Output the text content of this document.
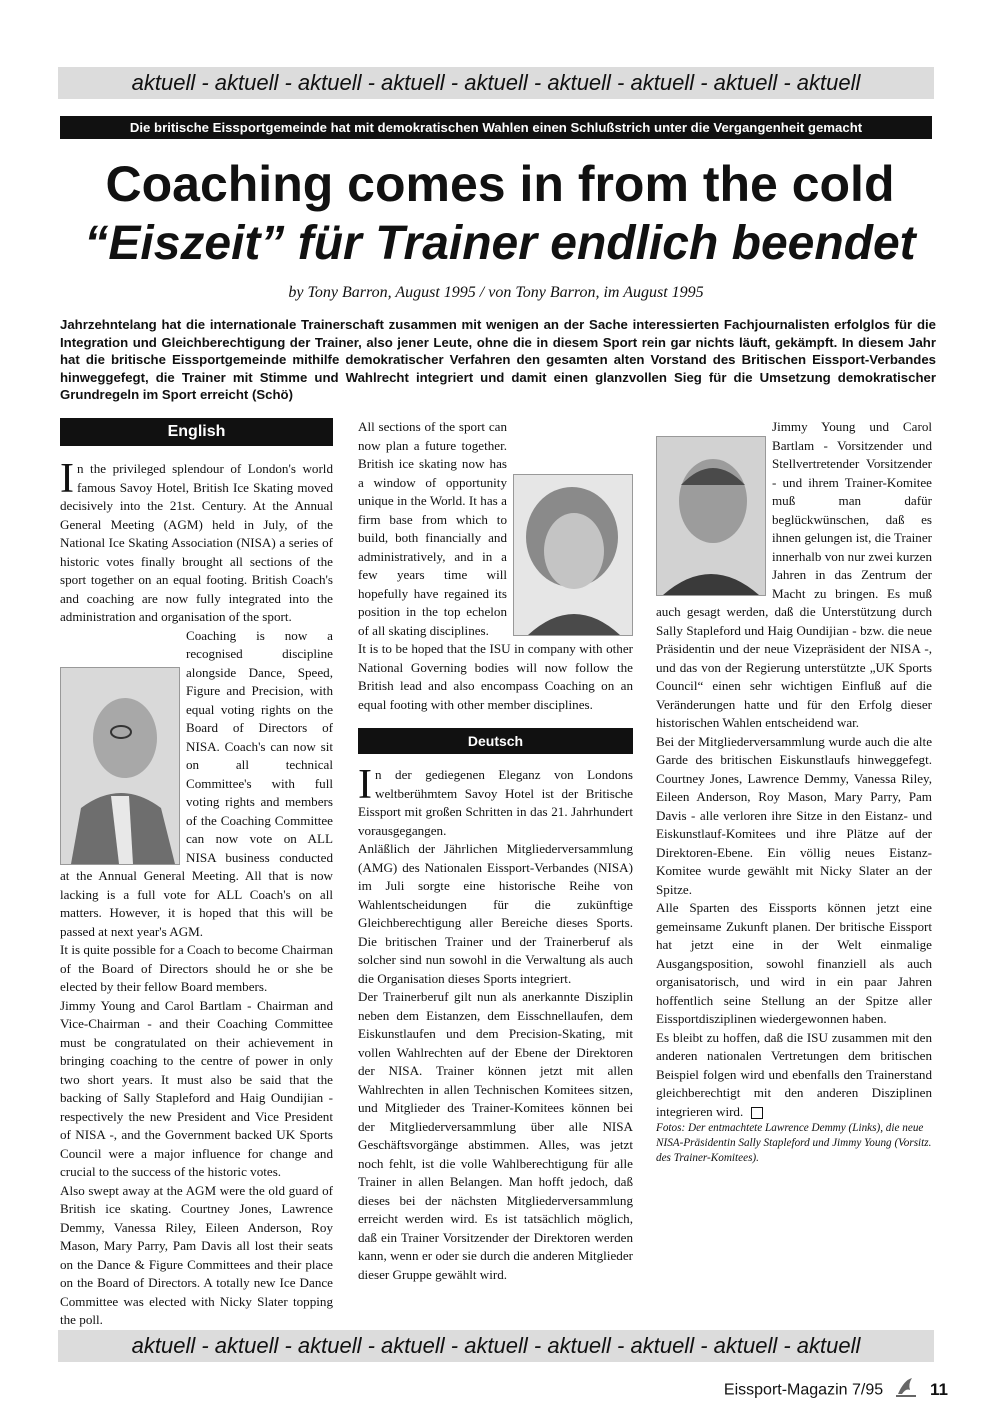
aktuell - aktuell - aktuell - aktuell - aktuell - aktuell - aktuell - aktuell - aktuell
Die britische Eissportgemeinde hat mit demokratischen Wahlen einen Schlußstrich unter die Vergangenheit gemacht
Coaching comes in from the cold
“Eiszeit” für Trainer endlich beendet
by Tony Barron, August 1995 / von Tony Barron, im August 1995
Jahrzehntelang hat die internationale Trainerschaft zusammen mit wenigen an der Sache interessierten Fachjournalisten erfolglos für die Integration und Gleichberechtigung der Trainer, also jener Leute, ohne die in diesem Sport rein gar nichts läuft, gekämpft. In diesem Jahr hat die britische Eissportgemeinde mithilfe demokratischer Verfahren den gesamten alten Vorstand des Britischen Eissport-Verbandes hinweggefegt, die Trainer mit Stimme und Wahlrecht integriert und damit einen glanzvollen Sieg für die Umsetzung demokratischer Grundregeln im Sport erreicht (Schö)
English

In the privileged splendour of London's world famous Savoy Hotel, British Ice Skating moved decisively into the 21st. Century. At the Annual General Meeting (AGM) held in July, of the National Ice Skating Association (NISA) a series of historic votes finally brought all sections of the sport together on an equal footing. British Coach's and coaching are now fully integrated into the administration and organisation of the sport.

Coaching is now a recognised discipline alongside Dance, Speed, Figure and Precision, with equal voting rights on the Board of Directors of NISA. Coach's can now sit on all technical Committee's with full voting rights and members of the Coaching Committee can now vote on ALL NISA business conducted at the Annual General Meeting. All that is now lacking is a full vote for ALL Coach's on all matters. However, it is hoped that this will be passed at next year's AGM.

It is quite possible for a Coach to become Chairman of the Board of Directors should he or she be elected by their fellow Board members.

Jimmy Young and Carol Bartlam - Chairman and Vice-Chairman - and their Coaching Committee must be congratulated on their achievement in bringing coaching to the centre of power in only two short years. It must also be said that the backing of Sally Stapleford and Haig Oundijian - respectively the new President and Vice President of NISA -, and the Government backed UK Sports Council were a major influence for change and crucial to the success of the historic votes.

Also swept away at the AGM were the old guard of British ice skating. Courtney Jones, Lawrence Demmy, Vanessa Riley, Eileen Anderson, Roy Mason, Mary Parry, Pam Davis all lost their seats on the Dance & Figure Committees and their place on the Board of Directors. A totally new Ice Dance Committee was elected with Nicky Slater topping the poll.

All sections of the sport can now plan a future together. British ice skating now has a window of opportunity unique in the World. It has a firm base from which to build, both financially and administratively, and in a few years time will hopefully have regained its position in the top echelon of all skating disciplines.

It is to be hoped that the ISU in company with other National Governing bodies will now follow the British lead and also encompass Coaching on an equal footing with other member disciplines.

Deutsch

In der gediegenen Eleganz von Londons weltberühmtem Savoy Hotel ist der Britische Eissport mit großen Schritten in das 21. Jahrhundert vorausgegangen.

Anläßlich der Jährlichen Mitgliederversammlung (AMG) des Nationalen Eissport-Verbandes (NISA) im Juli sorgte eine historische Reihe von Wahlentscheidungen für die zukünftige Gleichberechtigung aller Bereiche dieses Sports. Die britischen Trainer und der Trainerberuf als solcher sind nun sowohl in die Verwaltung als auch die Organisation dieses Sports integriert.

Der Trainerberuf gilt nun als anerkannte Disziplin neben dem Eistanzen, dem Eisschnellaufen, dem Eiskunstlaufen und dem Precision-Skating, mit vollen Wahlrechten auf der Ebene der Direktoren der NISA. Trainer können jetzt mit allen Wahlrechten in allen Technischen Komitees sitzen, und Mitglieder des Trainer-Komitees können bei der Mitgliederversammlung über alle NISA Geschäftsvorgänge abstimmen. Alles, was jetzt noch fehlt, ist die volle Wahlberechtigung für alle Trainer in allen Belangen. Man hofft jedoch, daß dieses bei der nächsten Mitgliederversammlung erreicht werden wird. Es ist tatsächlich möglich, daß ein Trainer Vorsitzender der Direktoren werden kann, wenn er oder sie durch die anderen Mitglieder dieser Gruppe gewählt wird.

Jimmy Young und Carol Bartlam - Vorsitzender und Stellvertretender Vorsitzender - und ihrem Trainer-Komitee muß man dafür beglückwünschen, daß es ihnen gelungen ist, die Trainer innerhalb von nur zwei kurzen Jahren in das Zentrum der Macht zu bringen. Es muß auch gesagt werden, daß die Unterstützung durch Sally Stapleford und Haig Oundijian - bzw. die neue Präsidentin und der neue Vizepräsident der NISA -, und das von der Regierung unterstützte „UK Sports Council“ einen sehr wichtigen Einfluß auf die Veränderungen hatte und für den Erfolg dieser historischen Wahlen entscheidend war.

Bei der Mitgliederversammlung wurde auch die alte Garde des britischen Eiskunstlaufs hinweggefegt. Courtney Jones, Lawrence Demmy, Vanessa Riley, Eileen Anderson, Roy Mason, Mary Parry, Pam Davis - alle verloren ihre Sitze in den Eistanz- und Eiskunstlauf-Komitees und ihre Plätze auf der Direktoren-Ebene. Ein völlig neues Eistanz-Komitee wurde gewählt mit Nicky Slater an der Spitze.

Alle Sparten des Eissports können jetzt eine gemeinsame Zukunft planen. Der britische Eissport hat jetzt eine in der Welt einmalige Ausgangsposition, sowohl finanziell als auch organisatorisch, und wird in ein paar Jahren hoffentlich seine Stellung an der Spitze aller Eissportdisziplinen wiedergewonnen haben.

Es bleibt zu hoffen, daß die ISU zusammen mit den anderen nationalen Vertretungen dem britischen Beispiel folgen wird und ebenfalls den Trainerstand gleichberechtigt mit den anderen Disziplinen integrieren wird.

Fotos: Der entmachtete Lawrence Demmy (Links), die neue NISA-Präsidentin Sally Stapleford und Jimmy Young (Vorsitz. des Trainer-Komitees).

aktuell - aktuell - aktuell - aktuell - aktuell - aktuell - aktuell - aktuell - aktuell
Eissport-Magazin 7/95	11
